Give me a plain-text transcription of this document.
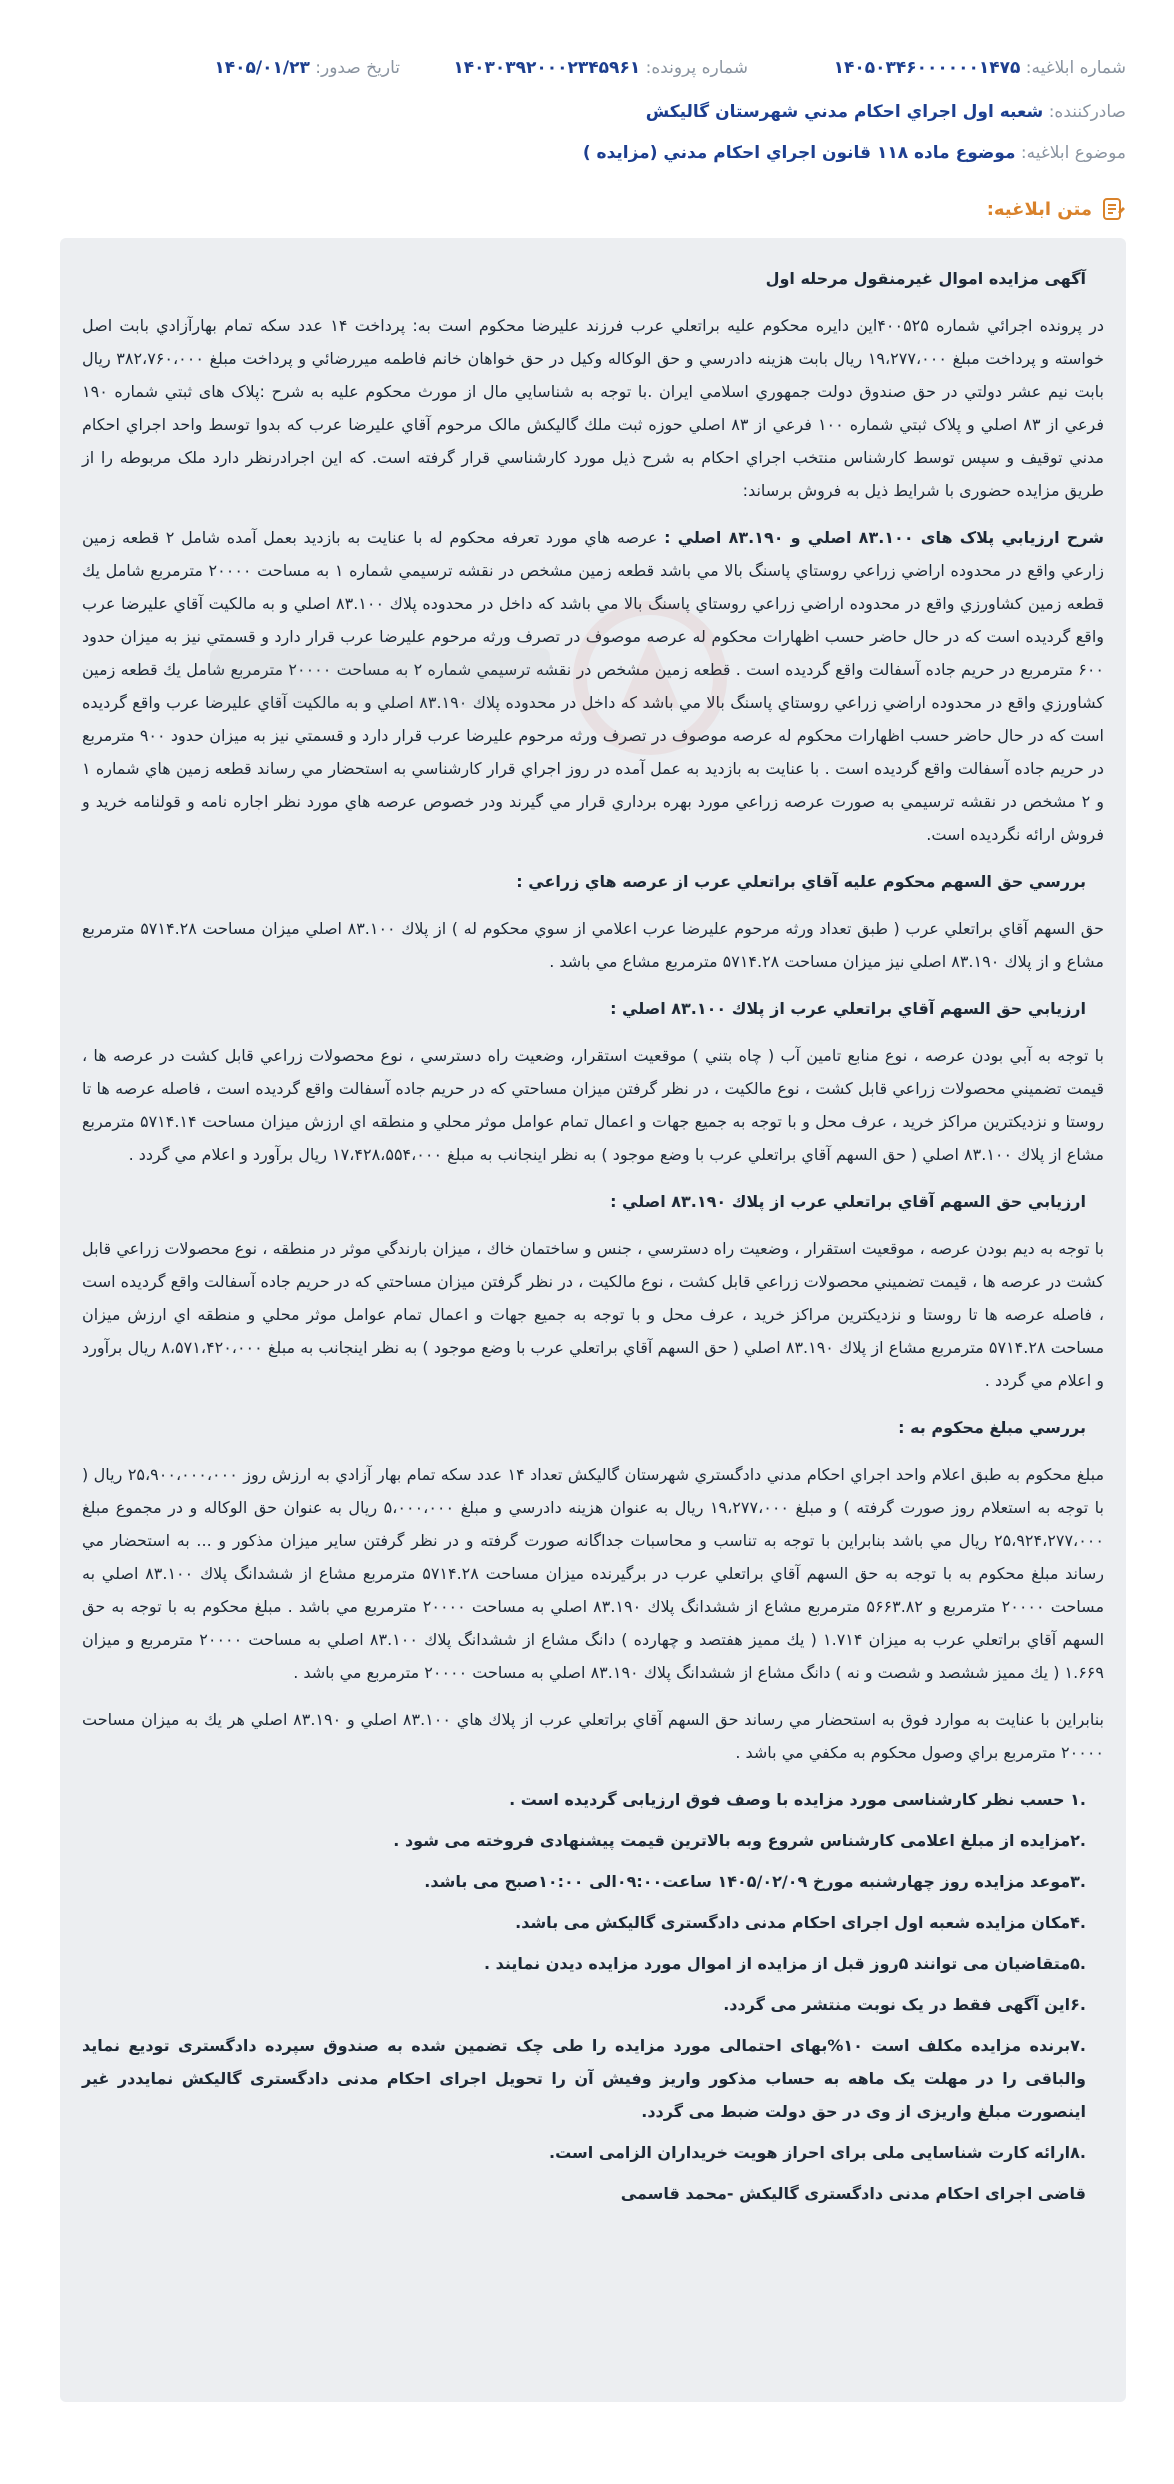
شماره ابلاغیه: ۱۴۰۵۰۳۴۶۰۰۰۰۰۰۱۴۷۵
شماره پرونده: ۱۴۰۳۰۳۹۲۰۰۰۲۳۴۵۹۶۱
تاریخ صدور: ۱۴۰۵/۰۱/۲۳
صادرکننده: شعبه اول اجراي احكام مدني شهرستان گاليكش
موضوع ابلاغیه: موضوع ماده ۱۱۸ قانون اجراي احكام مدني (مزايده )
متن ابلاغیه:
آگهی مزایده اموال غیرمنقول مرحله اول

در پرونده اجرائي شماره ۴۰۰۵۲۵اين دايره محكوم عليه براتعلي عرب فرزند عليرضا محكوم است به: پرداخت ۱۴ عدد سكه تمام بهارآزادي بابت اصل خواسته و پرداخت مبلغ ۱۹،۲۷۷،۰۰۰ ريال بابت هزينه دادرسي و حق الوكاله وكيل در حق خواهان خانم فاطمه ميررضائي و پرداخت مبلغ ۳۸۲،۷۶۰،۰۰۰ ريال بابت نيم عشر دولتي در حق صندوق دولت جمهوري اسلامي ايران .با توجه به شناسايي مال از مورث محكوم عليه به شرح :پلاک های ثبتي شماره ۱۹۰ فرعي از ۸۳ اصلي و پلاک ثبتي شماره ۱۰۰ فرعي از ۸۳ اصلي حوزه ثبت ملك گاليكش مالک مرحوم آقاي عليرضا عرب که بدوا توسط واحد اجراي احكام مدني توقيف و سپس توسط كارشناس منتخب اجراي احكام به شرح ذيل مورد كارشناسي قرار گرفته است. که این اجرادرنظر دارد ملک مربوطه را از طریق مزایده حضوری با شرایط ذیل به فروش برساند:

شرح ارزيابي پلاک های ۸۳.۱۰۰ اصلي و ۸۳.۱۹۰ اصلي : عرصه هاي مورد تعرفه محكوم له با عنايت به بازديد بعمل آمده شامل ۲ قطعه زمين زارعي واقع در محدوده اراضي زراعي روستاي پاسنگ بالا مي باشد قطعه زمين مشخص در نقشه ترسيمي شماره ۱ به مساحت ۲۰۰۰۰ مترمربع شامل يك قطعه زمين كشاورزي واقع در محدوده اراضي زراعي روستاي پاسنگ بالا مي باشد كه داخل در محدوده پلاك ۸۳.۱۰۰ اصلي و به مالكيت آقاي عليرضا عرب واقع گرديده است كه در حال حاضر حسب اظهارات محكوم له عرصه موصوف در تصرف ورثه مرحوم عليرضا عرب قرار دارد و قسمتي نيز به ميزان حدود ۶۰۰ مترمربع در حريم جاده آسفالت واقع گرديده است . قطعه زمين مشخص در نقشه ترسيمي شماره ۲ به مساحت ۲۰۰۰۰ مترمربع شامل يك قطعه زمين كشاورزي واقع در محدوده اراضي زراعي روستاي پاسنگ بالا مي باشد كه داخل در محدوده پلاك ۸۳.۱۹۰ اصلي و به مالكيت آقاي عليرضا عرب واقع گرديده است كه در حال حاضر حسب اظهارات محكوم له عرصه موصوف در تصرف ورثه مرحوم عليرضا عرب قرار دارد و قسمتي نيز به ميزان حدود ۹۰۰ مترمربع در حريم جاده آسفالت واقع گرديده است . با عنايت به بازديد به عمل آمده در روز اجراي قرار كارشناسي به استحضار مي رساند قطعه زمين هاي شماره ۱ و ۲ مشخص در نقشه ترسيمي به صورت عرصه زراعي مورد بهره برداري قرار مي گيرند ودر خصوص عرصه هاي مورد نظر اجاره نامه و قولنامه خريد و فروش ارائه نگرديده است.

بررسي حق السهم محكوم عليه آقاي براتعلي عرب از عرصه هاي زراعي :

حق السهم آقاي براتعلي عرب ( طبق تعداد ورثه مرحوم عليرضا عرب اعلامي از سوي محكوم له ) از پلاك ۸۳.۱۰۰ اصلي ميزان مساحت ۵۷۱۴.۲۸ مترمربع مشاع و از پلاك ۸۳.۱۹۰ اصلي نيز ميزان مساحت ۵۷۱۴.۲۸ مترمربع مشاع مي باشد .

ارزيابي حق السهم آقاي براتعلي عرب از پلاك ۸۳.۱۰۰ اصلي :

با توجه به آبي بودن عرصه ، نوع منابع تامين آب ( چاه بتني ) موقعيت استقرار، وضعيت راه دسترسي ، نوع محصولات زراعي قابل كشت در عرصه ها ، قيمت تضميني محصولات زراعي قابل كشت ، نوع مالكيت ، در نظر گرفتن ميزان مساحتي كه در حريم جاده آسفالت واقع گرديده است ، فاصله عرصه ها تا روستا و نزديكترين مراكز خريد ، عرف محل و با توجه به جميع جهات و اعمال تمام عوامل موثر محلي و منطقه اي ارزش ميزان مساحت ۵۷۱۴.۱۴ مترمربع مشاع از پلاك ۸۳.۱۰۰ اصلي ( حق السهم آقاي براتعلي عرب با وضع موجود ) به نظر اينجانب به مبلغ ۱۷،۴۲۸،۵۵۴،۰۰۰ ريال برآورد و اعلام مي گردد .

ارزيابي حق السهم آقاي براتعلي عرب از پلاك ۸۳.۱۹۰ اصلي :

با توجه به ديم بودن عرصه ، موقعيت استقرار ، وضعيت راه دسترسي ، جنس و ساختمان خاك ، ميزان بارندگي موثر در منطقه ، نوع محصولات زراعي قابل كشت در عرصه ها ، قيمت تضميني محصولات زراعي قابل كشت ، نوع مالكيت ، در نظر گرفتن ميزان مساحتي كه در حريم جاده آسفالت واقع گرديده است ، فاصله عرصه ها تا روستا و نزديكترين مراكز خريد ، عرف محل و با توجه به جميع جهات و اعمال تمام عوامل موثر محلي و منطقه اي ارزش ميزان مساحت ۵۷۱۴.۲۸ مترمربع مشاع از پلاك ۸۳.۱۹۰ اصلي ( حق السهم آقاي براتعلي عرب با وضع موجود ) به نظر اينجانب به مبلغ ۸،۵۷۱،۴۲۰،۰۰۰ ريال برآورد و اعلام مي گردد .

بررسي مبلغ محكوم به :

مبلغ محكوم به طبق اعلام واحد اجراي احكام مدني دادگستري شهرستان گاليكش تعداد ۱۴ عدد سكه تمام بهار آزادي به ارزش روز ۲۵،۹۰۰،۰۰۰،۰۰۰ ريال ( با توجه به استعلام روز صورت گرفته ) و مبلغ ۱۹،۲۷۷،۰۰۰ ريال به عنوان هزينه دادرسي و مبلغ ۵،۰۰۰،۰۰۰ ريال به عنوان حق الوكاله و در مجموع مبلغ ۲۵،۹۲۴،۲۷۷،۰۰۰ ريال مي باشد بنابراين با توجه به تناسب و محاسبات جداگانه صورت گرفته و در نظر گرفتن ساير ميزان مذكور و ... به استحضار مي رساند مبلغ محكوم به با توجه به حق السهم آقاي براتعلي عرب در برگيرنده ميزان مساحت ۵۷۱۴.۲۸ مترمربع مشاع از ششدانگ پلاك ۸۳.۱۰۰ اصلي به مساحت ۲۰۰۰۰ مترمربع و ۵۶۶۳.۸۲ مترمربع مشاع از ششدانگ پلاك ۸۳.۱۹۰ اصلي به مساحت ۲۰۰۰۰ مترمربع مي باشد . مبلغ محكوم به با توجه به حق السهم آقاي براتعلي عرب به ميزان ۱.۷۱۴ ( يك مميز هفتصد و چهارده ) دانگ مشاع از ششدانگ پلاك ۸۳.۱۰۰ اصلي به مساحت ۲۰۰۰۰ مترمربع و ميزان ۱.۶۶۹ ( يك مميز ششصد و شصت و نه ) دانگ مشاع از ششدانگ پلاك ۸۳.۱۹۰ اصلي به مساحت ۲۰۰۰۰ مترمربع مي باشد .

بنابراين با عنايت به موارد فوق به استحضار مي رساند حق السهم آقاي براتعلي عرب از پلاك هاي ۸۳.۱۰۰ اصلي و ۸۳.۱۹۰ اصلي هر يك به ميزان مساحت ۲۰۰۰۰ مترمربع براي وصول محكوم به مكفي مي باشد .

.۱ حسب نظر کارشناسی مورد مزایده با وصف فوق ارزیابی گردیده است .
.۲مزایده از مبلغ اعلامی کارشناس شروع وبه بالاترین قیمت پیشنهادی فروخته می شود .
.۳موعد مزایده روز چهارشنبه مورخ ۱۴۰۵/۰۲/۰۹ ساعت۰۹:۰۰الی ۱۰:۰۰صبح می باشد.
.۴مکان مزایده شعبه اول اجرای احکام مدنی دادگستری گالیکش می باشد.
.۵متقاضیان می توانند ۵روز قبل از مزایده از اموال مورد مزایده دیدن نمایند .
.۶این آگهی فقط در یک نوبت منتشر می گردد.
.۷برنده مزایده مکلف است ۱۰%بهای احتمالی مورد مزایده را طی چک تضمین شده به صندوق سپرده دادگستری تودیع نماید والباقی را در مهلت یک ماهه به حساب مذکور واریز وفیش آن را تحویل اجرای احکام مدنی دادگستری گالیکش نمایددر غیر اینصورت مبلغ واریزی از وی در حق دولت ضبط می گردد.
.۸ارائه کارت شناسایی ملی برای احراز هویت خریداران الزامی است.
قاضی اجرای احکام مدنی دادگستری گالیکش -محمد قاسمی
